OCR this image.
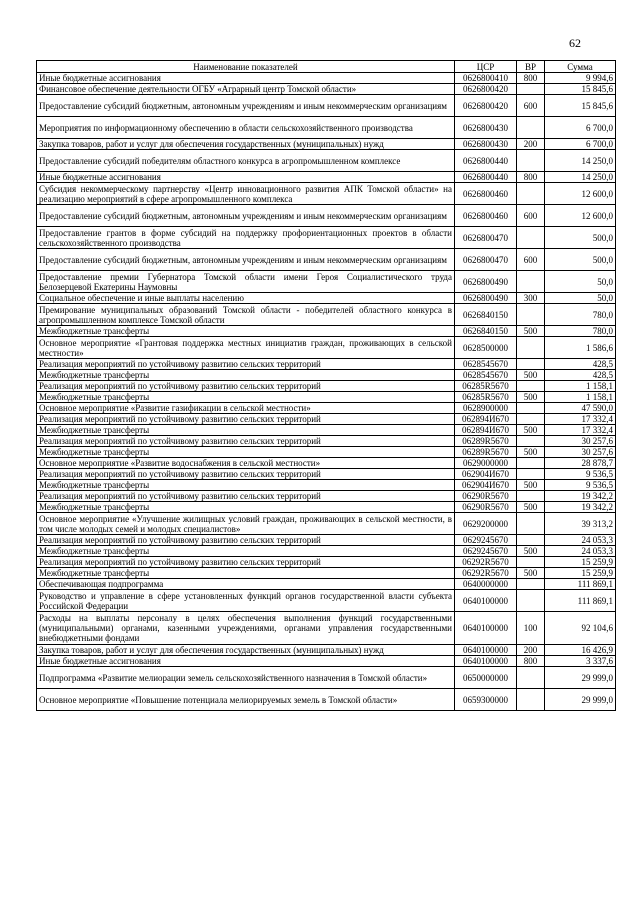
62
Наименование показателей	ЦСР	ВР	Сумма
Иные бюджетные ассигнования	0626800410	800	9 994,6
Финансовое обеспечение деятельности ОГБУ «Аграрный центр Томской области»	0626800420		15 845,6
Предоставление субсидий бюджетным, автономным учреждениям и иным некоммерческим организациям	0626800420	600	15 845,6
Мероприятия по информационному обеспечению в области сельскохозяйственного производства	0626800430		6 700,0
Закупка товаров, работ и услуг для обеспечения государственных (муниципальных) нужд	0626800430	200	6 700,0
Предоставление субсидий победителям областного конкурса в агропромышленном комплексе	0626800440		14 250,0
Иные бюджетные ассигнования	0626800440	800	14 250,0
Субсидия некоммерческому партнерству «Центр инновационного развития АПК Томской области» на реализацию мероприятий в сфере агропромышленного комплекса	0626800460		12 600,0
Предоставление субсидий бюджетным, автономным учреждениям и иным некоммерческим организациям	0626800460	600	12 600,0
Предоставление грантов в форме субсидий на поддержку профориентационных проектов в области сельскохозяйственного производства	0626800470		500,0
Предоставление субсидий бюджетным, автономным учреждениям и иным некоммерческим организациям	0626800470	600	500,0
Предоставление премии Губернатора Томской области имени Героя Социалистического труда Белозерцевой Екатерины Наумовны	0626800490		50,0
Социальное обеспечение и иные выплаты населению	0626800490	300	50,0
Премирование муниципальных образований Томской области - победителей областного конкурса в агропромышленном комплексе Томской области	0626840150		780,0
Межбюджетные трансферты	0626840150	500	780,0
Основное мероприятие «Грантовая поддержка местных инициатив граждан, проживающих в сельской местности»	0628500000		1 586,6
Реализация мероприятий по устойчивому развитию сельских территорий	0628545670		428,5
Межбюджетные трансферты	0628545670	500	428,5
Реализация мероприятий по устойчивому развитию сельских территорий	06285R5670		1 158,1
Межбюджетные трансферты	06285R5670	500	1 158,1
Основное мероприятие «Развитие газификации в сельской местности»	0628900000		47 590,0
Реализация мероприятий по устойчивому развитию сельских территорий	062894И670		17 332,4
Межбюджетные трансферты	062894И670	500	17 332,4
Реализация мероприятий по устойчивому развитию сельских территорий	06289R5670		30 257,6
Межбюджетные трансферты	06289R5670	500	30 257,6
Основное мероприятие «Развитие водоснабжения в сельской местности»	0629000000		28 878,7
Реализация мероприятий по устойчивому развитию сельских территорий	062904И670		9 536,5
Межбюджетные трансферты	062904И670	500	9 536,5
Реализация мероприятий по устойчивому развитию сельских территорий	06290R5670		19 342,2
Межбюджетные трансферты	06290R5670	500	19 342,2
Основное мероприятие «Улучшение жилищных условий граждан, проживающих в сельской местности, в том числе молодых семей и молодых специалистов»	0629200000		39 313,2
Реализация мероприятий по устойчивому развитию сельских территорий	0629245670		24 053,3
Межбюджетные трансферты	0629245670	500	24 053,3
Реализация мероприятий по устойчивому развитию сельских территорий	06292R5670		15 259,9
Межбюджетные трансферты	06292R5670	500	15 259,9
Обеспечивающая подпрограмма	0640000000		111 869,1
Руководство и управление в сфере установленных функций органов государственной власти субъекта Российской Федерации	0640100000		111 869,1
Расходы на выплаты персоналу в целях обеспечения выполнения функций государственными (муниципальными) органами, казенными учреждениями, органами управления государственными внебюджетными фондами	0640100000	100	92 104,6
Закупка товаров, работ и услуг для обеспечения государственных (муниципальных) нужд	0640100000	200	16 426,9
Иные бюджетные ассигнования	0640100000	800	3 337,6
Подпрограмма «Развитие мелиорации земель сельскохозяйственного назначения в Томской области»	0650000000		29 999,0
Основное мероприятие «Повышение потенциала мелиорируемых земель в Томской области»	0659300000		29 999,0
